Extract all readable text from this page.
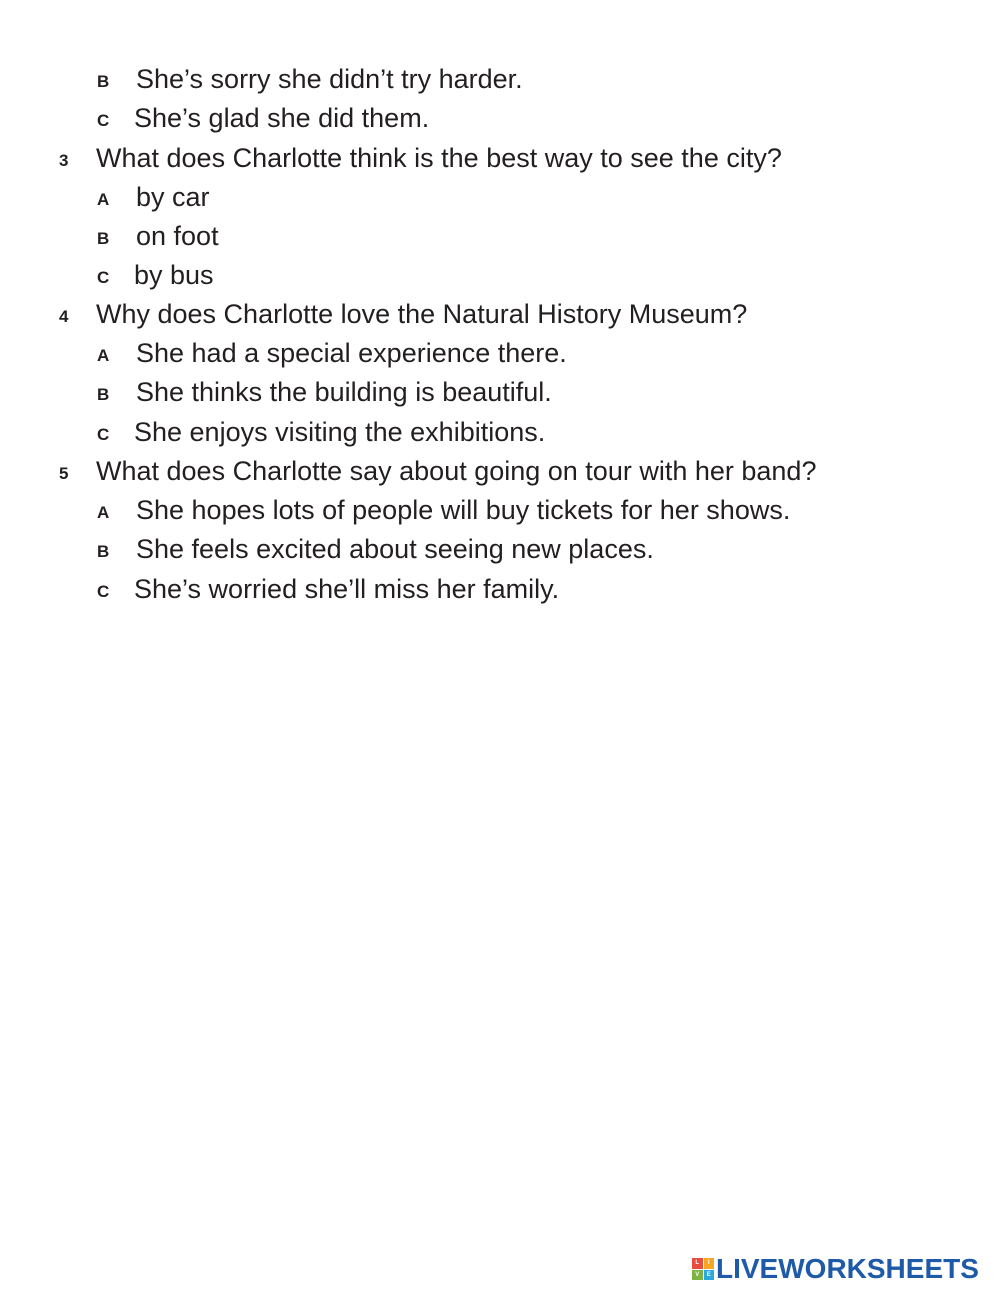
B She’s sorry she didn’t try harder.
C She’s glad she did them.
3 What does Charlotte think is the best way to see the city?
A by car
B on foot
C by bus
4 Why does Charlotte love the Natural History Museum?
A She had a special experience there.
B She thinks the building is beautiful.
C She enjoys visiting the exhibitions.
5 What does Charlotte say about going on tour with her band?
A She hopes lots of people will buy tickets for her shows.
B She feels excited about seeing new places.
C She’s worried she’ll miss her family.
L	I
V	E LIVEWORKSHEETS
